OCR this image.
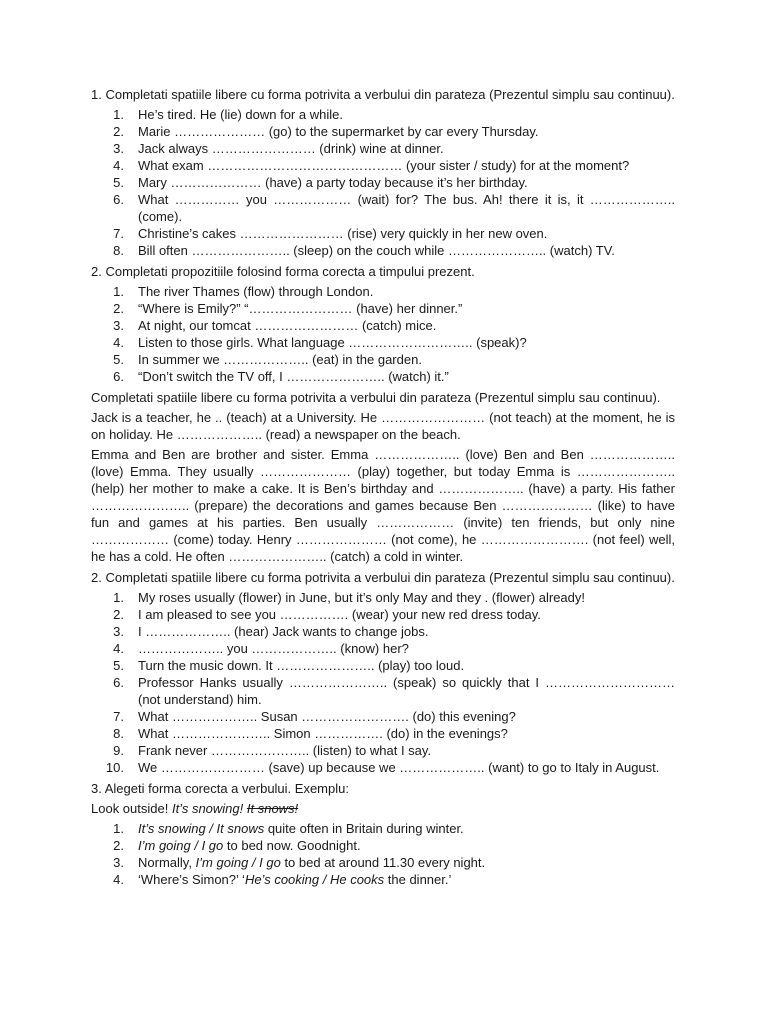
1. Completati spatiile libere cu forma potrivita a verbului din parateza (Prezentul simplu sau continuu).

1. He’s tired. He (lie) down for a while.
2. Marie ………………… (go) to the supermarket by car every Thursday.
3. Jack always …………………… (drink) wine at dinner.
4. What exam ……………………………………… (your sister / study) for at the moment?
5. Mary ………………… (have) a party today because it’s her birthday.
6. What …………… you ……………… (wait) for? The bus. Ah! there it is, it ……………….. (come).
7. Christine’s cakes …………………… (rise) very quickly in her new oven.
8. Bill often ………………….. (sleep) on the couch while ………………….. (watch) TV.

2. Completati propozitiile folosind forma corecta a timpului prezent.

1. The river Thames (flow) through London.
2. “Where is Emily?” “…………………… (have) her dinner.”
3. At night, our tomcat …………………… (catch) mice.
4. Listen to those girls. What language ……………………….. (speak)?
5. In summer we ……………….. (eat) in the garden.
6. “Don’t switch the TV off, I ………………….. (watch) it.”

Completati spatiile libere cu forma potrivita a verbului din parateza (Prezentul simplu sau continuu).

Jack is a teacher, he .. (teach) at a University. He …………………… (not teach) at the moment, he is on holiday. He ……………….. (read) a newspaper on the beach.

Emma and Ben are brother and sister. Emma ……………….. (love) Ben and Ben ……………….. (love) Emma. They usually ………………… (play) together, but today Emma is ………………….. (help) her mother to make a cake. It is Ben’s birthday and ……………….. (have) a party. His father ………………….. (prepare) the decorations and games because Ben ………………… (like) to have fun and games at his parties. Ben usually ……………… (invite) ten friends, but only nine ……………… (come) today. Henry ………………… (not come), he ……………………. (not feel) well, he has a cold. He often ………………….. (catch) a cold in winter.

2. Completati spatiile libere cu forma potrivita a verbului din parateza (Prezentul simplu sau continuu).

1. My roses usually (flower) in June, but it’s only May and they . (flower) already!
2. I am pleased to see you ……………. (wear) your new red dress today.
3. I ……………….. (hear) Jack wants to change jobs.
4. ……………….. you ……………….. (know) her?
5. Turn the music down. It ………………….. (play) too loud.
6. Professor Hanks usually ………………….. (speak) so quickly that I ………………………… (not understand) him.
7. What ……………….. Susan ……………………. (do) this evening?
8. What ………………….. Simon ……………. (do) in the evenings?
9. Frank never ………………….. (listen) to what I say.
10. We …………………… (save) up because we ……………….. (want) to go to Italy in August.

3. Alegeti forma corecta a verbului. Exemplu:

Look outside! It’s snowing! It snows!

1. It’s snowing / It snows quite often in Britain during winter.
2. I’m going / I go to bed now. Goodnight.
3. Normally, I’m going / I go to bed at around 11.30 every night.
4. ‘Where’s Simon?’ ‘He’s cooking / He cooks the dinner.’
